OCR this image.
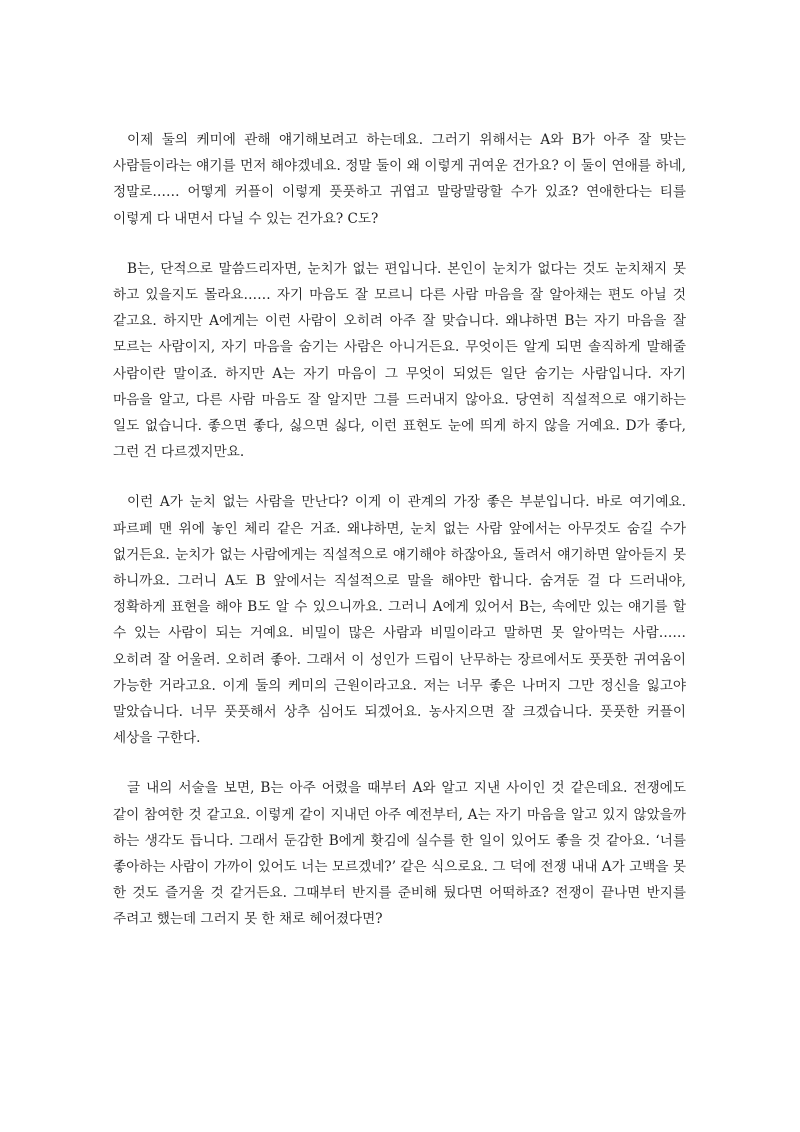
이제 둘의 케미에 관해 얘기해보려고 하는데요. 그러기 위해서는 A와 B가 아주 잘 맞는 사람들이라는 얘기를 먼저 해야겠네요. 정말 둘이 왜 이렇게 귀여운 건가요? 이 둘이 연애를 하네, 정말로…… 어떻게 커플이 이렇게 풋풋하고 귀엽고 말랑말랑할 수가 있죠? 연애한다는 티를 이렇게 다 내면서 다닐 수 있는 건가요? C도?

B는, 단적으로 말씀드리자면, 눈치가 없는 편입니다. 본인이 눈치가 없다는 것도 눈치채지 못 하고 있을지도 몰라요…… 자기 마음도 잘 모르니 다른 사람 마음을 잘 알아채는 편도 아닐 것 같고요. 하지만 A에게는 이런 사람이 오히려 아주 잘 맞습니다. 왜냐하면 B는 자기 마음을 잘 모르는 사람이지, 자기 마음을 숨기는 사람은 아니거든요. 무엇이든 알게 되면 솔직하게 말해줄 사람이란 말이죠. 하지만 A는 자기 마음이 그 무엇이 되었든 일단 숨기는 사람입니다. 자기 마음을 알고, 다른 사람 마음도 잘 알지만 그를 드러내지 않아요. 당연히 직설적으로 얘기하는 일도 없습니다. 좋으면 좋다, 싫으면 싫다, 이런 표현도 눈에 띄게 하지 않을 거예요. D가 좋다, 그런 건 다르겠지만요.

이런 A가 눈치 없는 사람을 만난다? 이게 이 관계의 가장 좋은 부분입니다. 바로 여기예요. 파르페 맨 위에 놓인 체리 같은 거죠. 왜냐하면, 눈치 없는 사람 앞에서는 아무것도 숨길 수가 없거든요. 눈치가 없는 사람에게는 직설적으로 얘기해야 하잖아요, 돌려서 얘기하면 알아듣지 못 하니까요. 그러니 A도 B 앞에서는 직설적으로 말을 해야만 합니다. 숨겨둔 걸 다 드러내야, 정확하게 표현을 해야 B도 알 수 있으니까요. 그러니 A에게 있어서 B는, 속에만 있는 얘기를 할 수 있는 사람이 되는 거예요. 비밀이 많은 사람과 비밀이라고 말하면 못 알아먹는 사람…… 오히려 잘 어울려. 오히려 좋아. 그래서 이 성인가 드립이 난무하는 장르에서도 풋풋한 귀여움이 가능한 거라고요. 이게 둘의 케미의 근원이라고요. 저는 너무 좋은 나머지 그만 정신을 잃고야 말았습니다. 너무 풋풋해서 상추 심어도 되겠어요. 농사지으면 잘 크겠습니다. 풋풋한 커플이 세상을 구한다.

글 내의 서술을 보면, B는 아주 어렸을 때부터 A와 알고 지낸 사이인 것 같은데요. 전쟁에도 같이 참여한 것 같고요. 이렇게 같이 지내던 아주 예전부터, A는 자기 마음을 알고 있지 않았을까 하는 생각도 듭니다. 그래서 둔감한 B에게 홧김에 실수를 한 일이 있어도 좋을 것 같아요. ‘너를 좋아하는 사람이 가까이 있어도 너는 모르겠네?’ 같은 식으로요. 그 덕에 전쟁 내내 A가 고백을 못 한 것도 즐거울 것 같거든요. 그때부터 반지를 준비해 뒀다면 어떡하죠? 전쟁이 끝나면 반지를 주려고 했는데 그러지 못 한 채로 헤어졌다면?
